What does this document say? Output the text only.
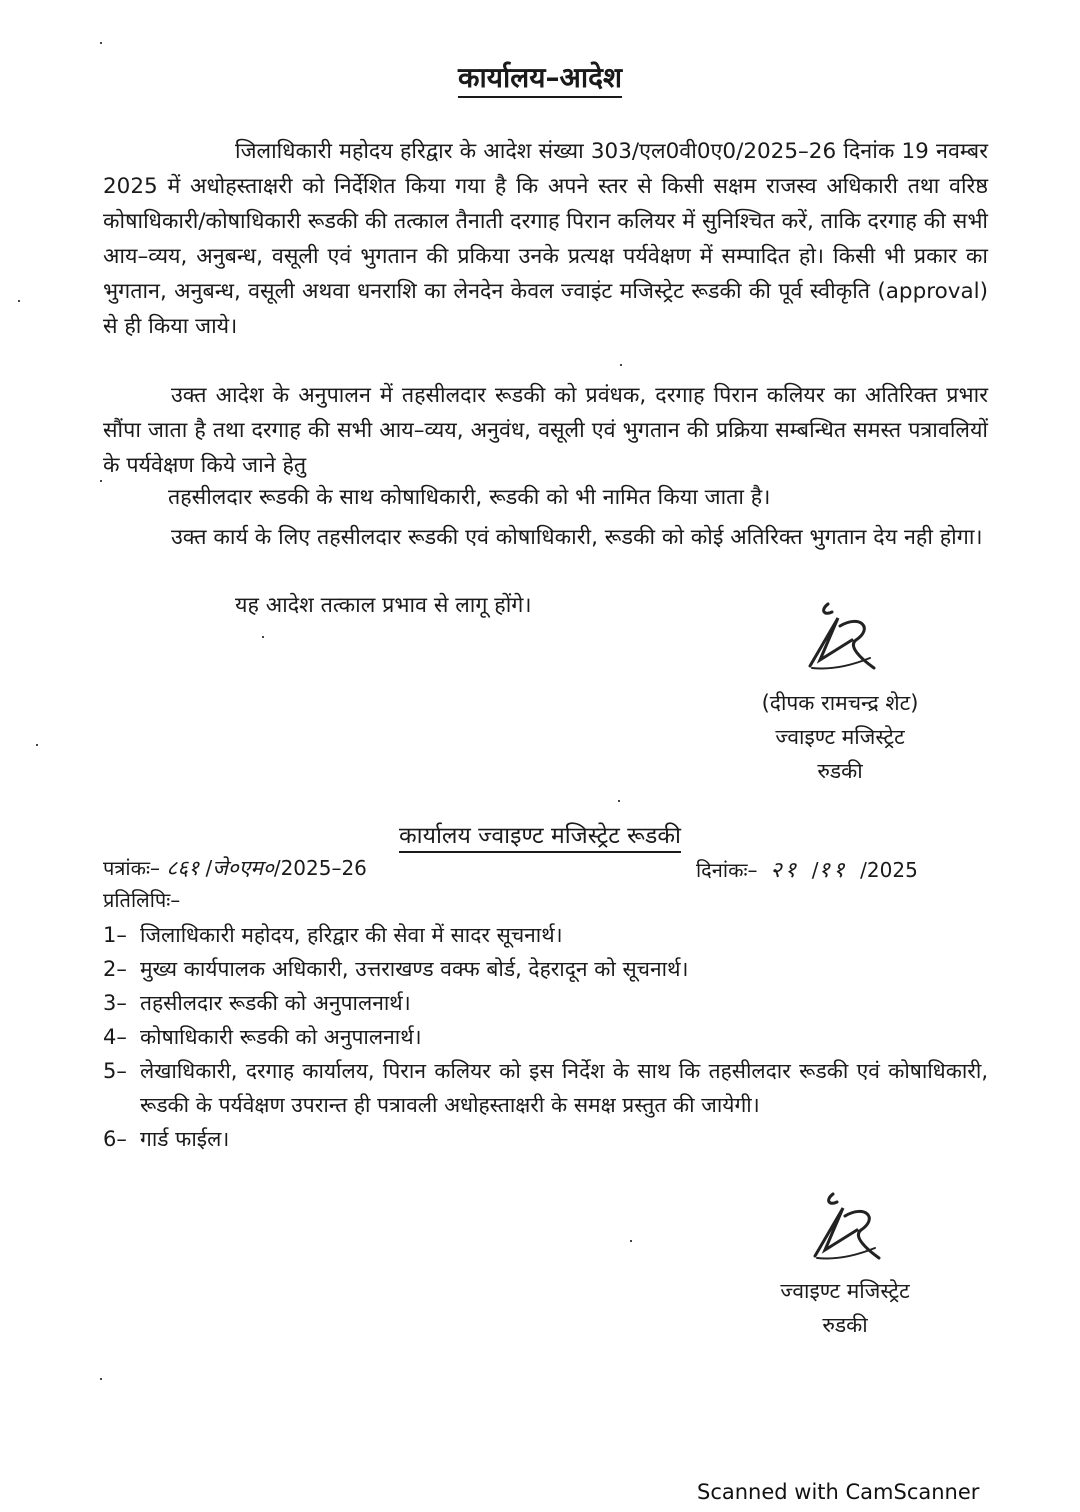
कार्यालय–आदेश
जिलाधिकारी महोदय हरिद्वार के आदेश संख्या 303/एल0वी0ए0/2025–26 दिनांक 19 नवम्बर 2025 में अधोहस्ताक्षरी को निर्देशित किया गया है कि अपने स्तर से किसी सक्षम राजस्व अधिकारी तथा वरिष्ठ कोषाधिकारी/कोषाधिकारी रूडकी की तत्काल तैनाती दरगाह पिरान कलियर में सुनिश्चित करें, ताकि दरगाह की सभी आय–व्यय, अनुबन्ध, वसूली एवं भुगतान की प्रकिया उनके प्रत्यक्ष पर्यवेक्षण में सम्पादित हो। किसी भी प्रकार का भुगतान, अनुबन्ध, वसूली अथवा धनराशि का लेनदेन केवल ज्वाइंट मजिस्ट्रेट रूडकी की पूर्व स्वीकृति (approval) से ही किया जाये।
उक्त आदेश के अनुपालन में तहसीलदार रूडकी को प्रवंधक, दरगाह पिरान कलियर का अतिरिक्त प्रभार सौंपा जाता है तथा दरगाह की सभी आय–व्यय, अनुवंध, वसूली एवं भुगतान की प्रक्रिया सम्बन्धित समस्त पत्रावलियों के पर्यवेक्षण किये जाने हेतु
तहसीलदार रूडकी के साथ कोषाधिकारी, रूडकी को भी नामित किया जाता है।
उक्त कार्य के लिए तहसीलदार रूडकी एवं कोषाधिकारी, रूडकी को कोई अतिरिक्त भुगतान देय नही होगा।
यह आदेश तत्काल प्रभाव से लागू होंगे।
(दीपक रामचन्द्र शेट)
ज्वाइण्ट मजिस्ट्रेट
रुडकी
कार्यालय ज्वाइण्ट मजिस्ट्रेट रूडकी
पत्रांकः– ८६१ /जे०एम०/2025–26	दिनांकः– २१  /११  /2025
प्रतिलिपिः–
1– जिलाधिकारी महोदय, हरिद्वार की सेवा में सादर सूचनार्थ।
2– मुख्य कार्यपालक अधिकारी, उत्तराखण्ड वक्फ बोर्ड, देहरादून को सूचनार्थ।
3– तहसीलदार रूडकी को अनुपालनार्थ।
4– कोषाधिकारी रूडकी को अनुपालनार्थ।
5– लेखाधिकारी, दरगाह कार्यालय, पिरान कलियर को इस निर्देश के साथ कि तहसीलदार रूडकी एवं कोषाधिकारी, रूडकी के पर्यवेक्षण उपरान्त ही पत्रावली अधोहस्ताक्षरी के समक्ष प्रस्तुत की जायेगी।
6– गार्ड फाईल।
ज्वाइण्ट मजिस्ट्रेट
रुडकी
Scanned with CamScanner
